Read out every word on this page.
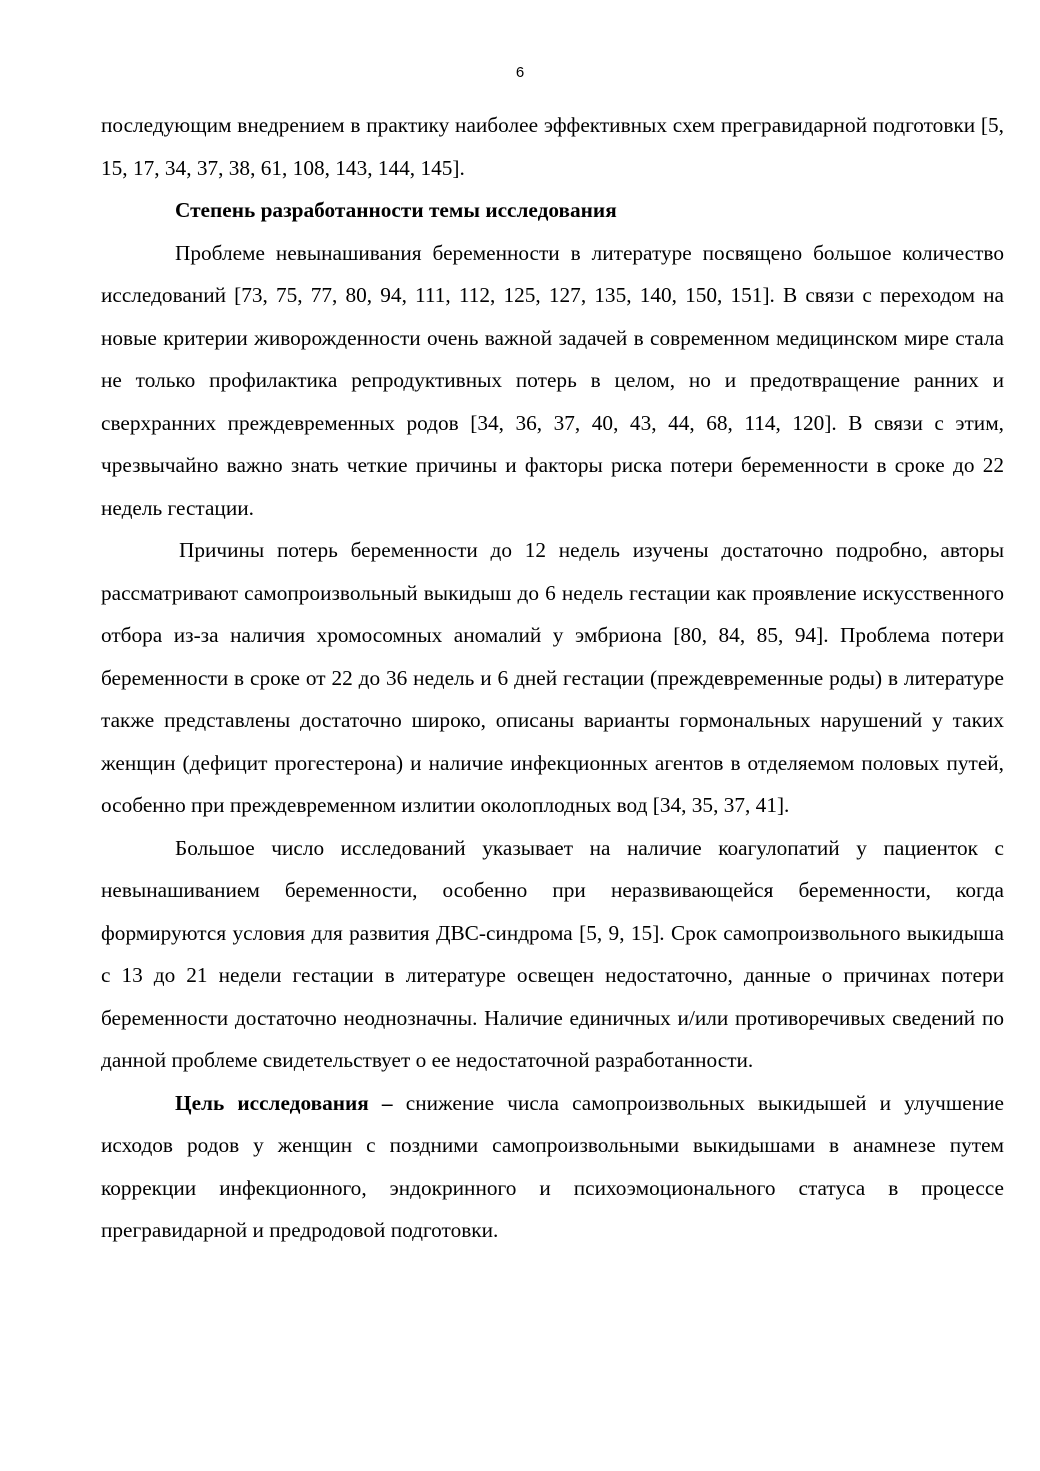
6

последующим внедрением в практику наиболее эффективных схем прегравидарной подготовки [5, 15, 17, 34, 37, 38, 61, 108, 143, 144, 145].

Степень разработанности темы исследования

Проблеме невынашивания беременности в литературе посвящено большое количество исследований [73, 75, 77, 80, 94, 111, 112, 125, 127, 135, 140, 150, 151]. В связи с переходом на новые критерии живорожденности очень важной задачей в современном медицинском мире стала не только профилактика репродуктивных потерь в целом, но и предотвращение ранних и сверхранних преждевременных родов [34, 36, 37, 40, 43, 44, 68, 114, 120]. В связи с этим, чрезвычайно важно знать четкие причины и факторы риска потери беременности в сроке до 22 недель гестации.

Причины потерь беременности до 12 недель изучены достаточно подробно, авторы рассматривают самопроизвольный выкидыш до 6 недель гестации как проявление искусственного отбора из-за наличия хромосомных аномалий у эмбриона [80, 84, 85, 94]. Проблема потери беременности в сроке от 22 до 36 недель и 6 дней гестации (преждевременные роды) в литературе также представлены достаточно широко, описаны варианты гормональных нарушений у таких женщин (дефицит прогестерона) и наличие инфекционных агентов в отделяемом половых путей, особенно при преждевременном излитии околоплодных вод [34, 35, 37, 41].

Большое число исследований указывает на наличие коагулопатий у пациенток с невынашиванием беременности, особенно при неразвивающейся беременности, когда формируются условия для развития ДВС-синдрома [5, 9, 15]. Срок самопроизвольного выкидыша с 13 до 21 недели гестации в литературе освещен недостаточно, данные о причинах потери беременности достаточно неоднозначны. Наличие единичных и/или противоречивых сведений по данной проблеме свидетельствует о ее недостаточной разработанности.

Цель исследования – снижение числа самопроизвольных выкидышей и улучшение исходов родов у женщин с поздними самопроизвольными выкидышами в анамнезе путем коррекции инфекционного, эндокринного и психоэмоционального статуса в процессе прегравидарной и предродовой подготовки.
